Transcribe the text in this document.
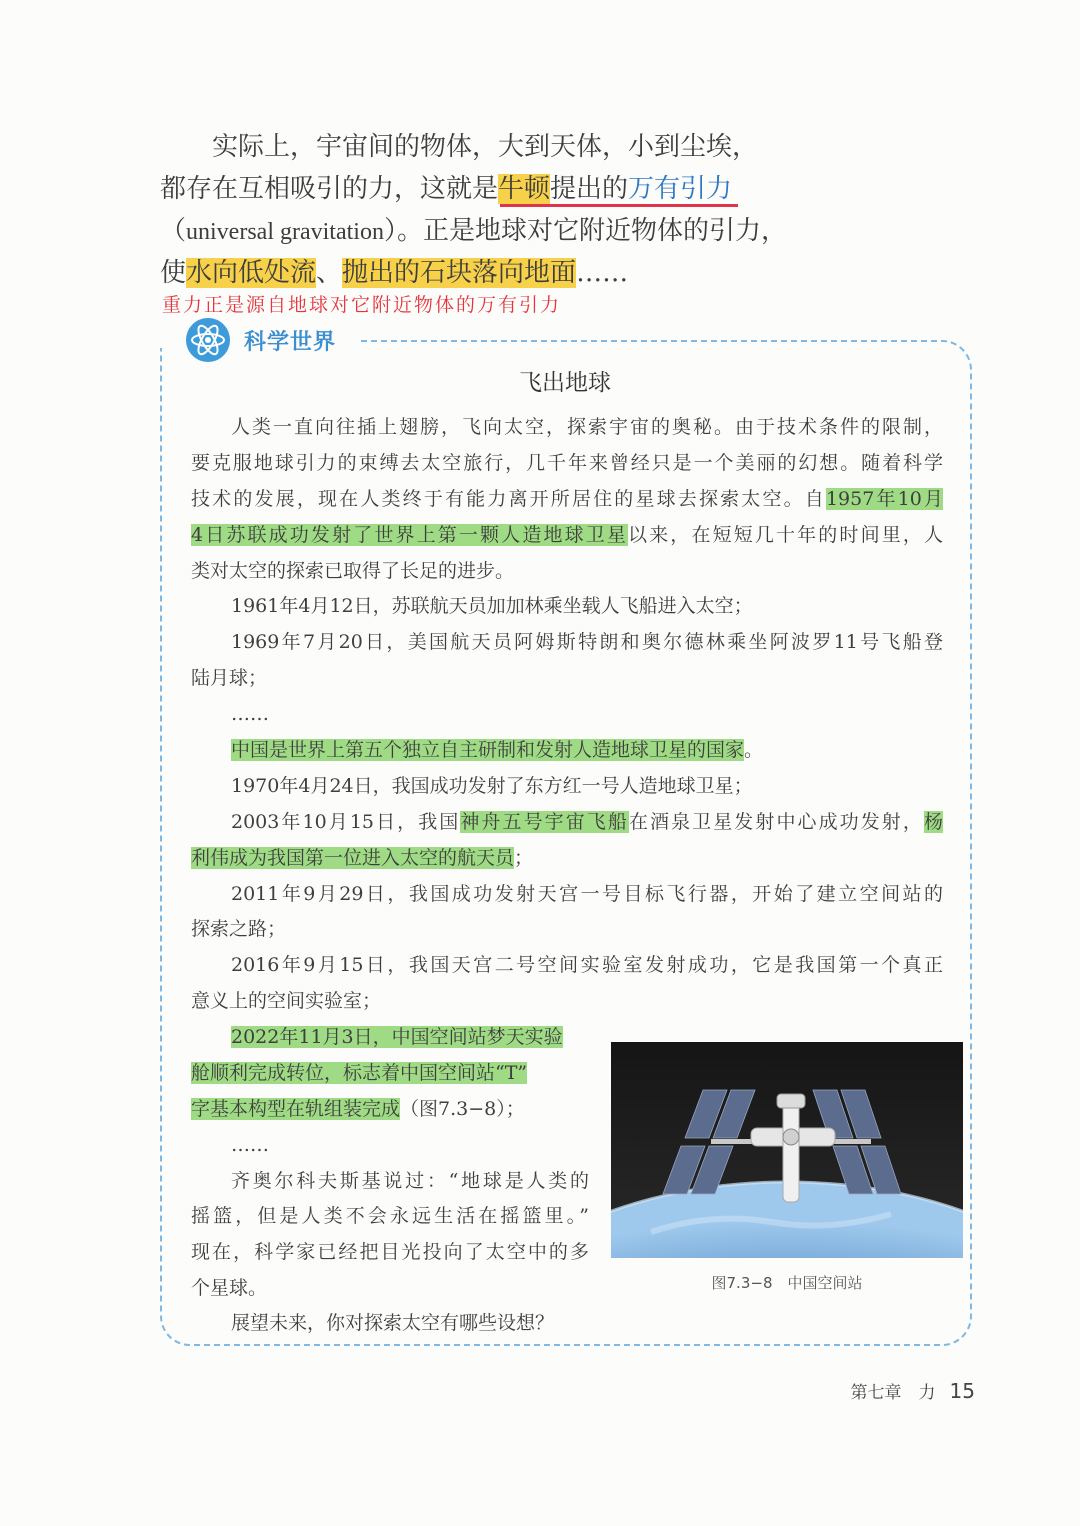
实际上，宇宙间的物体，大到天体，小到尘埃，
都存在互相吸引的力，这就是牛顿提出的万有引力
（universal gravitation）。正是地球对它附近物体的引力，
使水向低处流、抛出的石块落向地面……
重力正是源自地球对它附近物体的万有引力
科学世界
飞出地球
人类一直向往插上翅膀，飞向太空，探索宇宙的奥秘。由于技术条件的限制，
要克服地球引力的束缚去太空旅行，几千年来曾经只是一个美丽的幻想。随着科学
技术的发展，现在人类终于有能力离开所居住的星球去探索太空。自1957年10月
4日苏联成功发射了世界上第一颗人造地球卫星以来，在短短几十年的时间里，人
类对太空的探索已取得了长足的进步。
1961年4月12日，苏联航天员加加林乘坐载人飞船进入太空；
1969年7月20日，美国航天员阿姆斯特朗和奥尔德林乘坐阿波罗11号飞船登
陆月球；
……
中国是世界上第五个独立自主研制和发射人造地球卫星的国家。
1970年4月24日，我国成功发射了东方红一号人造地球卫星；
2003年10月15日，我国神舟五号宇宙飞船在酒泉卫星发射中心成功发射，杨
利伟成为我国第一位进入太空的航天员；
2011年9月29日，我国成功发射天宫一号目标飞行器，开始了建立空间站的
探索之路；
2016年9月15日，我国天宫二号空间实验室发射成功，它是我国第一个真正
意义上的空间实验室；
2022年11月3日，中国空间站梦天实验
舱顺利完成转位，标志着中国空间站“T”
字基本构型在轨组装完成（图7.3−8）；
……
齐奥尔科夫斯基说过：“地球是人类的
摇篮，但是人类不会永远生活在摇篮里。”
现在，科学家已经把目光投向了太空中的多
个星球。	图7.3−8　中国空间站
展望未来，你对探索太空有哪些设想？
第七章　力 15
